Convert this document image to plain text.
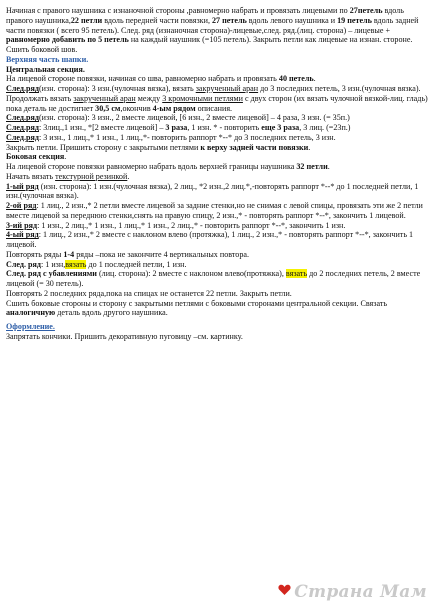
Начиная с правого наушника с изнаночной стороны ,равномерно набрать и провязать лицевыми по 27петель вдоль правого наушника,22 петли вдоль передней части повязки, 27 петель вдоль левого наушника и 19 петель вдоль задней части повязки ( всего 95 петель). След. ряд (изнаночная сторона)-лицевые,след. ряд.(лиц. сторона) – лицевые + равномерно добавить по 5 петель на каждый наушник (=105 петель). Закрыть петли как лицевые на изнан. стороне. Сшить боковой шов.

Верхняя часть шапки.

Центральная секция.

На лицевой стороне повязки, начиная со шва, равномерно набрать и провязать 40 петель.

След.ряд(изн. сторона): 3 изн.(чулочная вязка), вязать закрученный аран до 3 последних петель, 3 изн.(чулочная вязка).

Продолжать вязать закрученный аран между 3 кромочными петлями с двух сторон (их вязать чулочной вязкой-лиц. гладь) пока деталь не достигнет 30,5 см,окончив 4-ым рядом описания.

След.ряд(изн. сторона): 3 изн., 2 вместе лицевой, [6 изн., 2 вместе лицевой] – 4 раза, 3 изн. (= 35п.)

След.ряд: 3лиц.,1 изн., *[2 вместе лицевой] – 3 раза, 1 изн. * - повторить еще 3 раза, 3 лиц. (=23п.)

След.ряд: 3 изн., 1 лиц.,* 1 изн., 1 лиц.,*- повторить раппорт *--* до 3 последних петель, 3 изн.

Закрыть петли. Пришить сторону с закрытыми петлями к верху задней части повязки.

Боковая секция.

На лицевой стороне повязки равномерно набрать вдоль верхней границы наушника 32 петли.

Начать вязать текстурной резинкой.

1-ый ряд (изн. сторона): 1 изн.(чулочная вязка), 2 лиц., *2 изн.,2 лиц.*,-повторять раппорт *--* до 1 последней петли, 1 изн.(чулочная вязка).

2-ой ряд: 1 лиц., 2 изн.,* 2 петли вместе лицевой за задние стенки,но не снимая с левой спицы, провязать эти же 2 петли вместе лицевой за переднюю стенки,снять на правую спицу, 2 изн.,* - повторять раппорт *--*, закончить 1 лицевой.

3-ий ряд: 1 изн., 2 лиц.,* 1 изн., 1 лиц.,* 1 изн., 2 лиц.,* - повторить раппорт *--*, закончить 1 изн.

4-ый ряд: 1 лиц., 2 изн.,* 2 вместе с наклоном влево (протяжка), 1 лиц., 2 изн.,* - повторять раппорт *--*, закончить 1 лицевой.

Повторять ряды 1-4 ряды –пока не закончите 4 вертикальных повтора.

След. ряд: 1 изн,вязать до 1 последней петли, 1 изн.

След. ряд с убавлениями (лиц. сторона): 2 вместе с наклоном влево(протяжка), вязать до 2 последних петель, 2 вместе лицевой (= 30 петель).

Повторять 2 последних ряда,пока на спицах не останется 22 петли. Закрыть петли.

Сшить боковые стороны и сторону с закрытыми петлями с боковыми сторонами центральной секции. Связать аналогичную деталь вдоль другого наушника.

Оформление.

Запрятать кончики. Пришить декоративную пуговицу –см. картинку.

Страна Мам
